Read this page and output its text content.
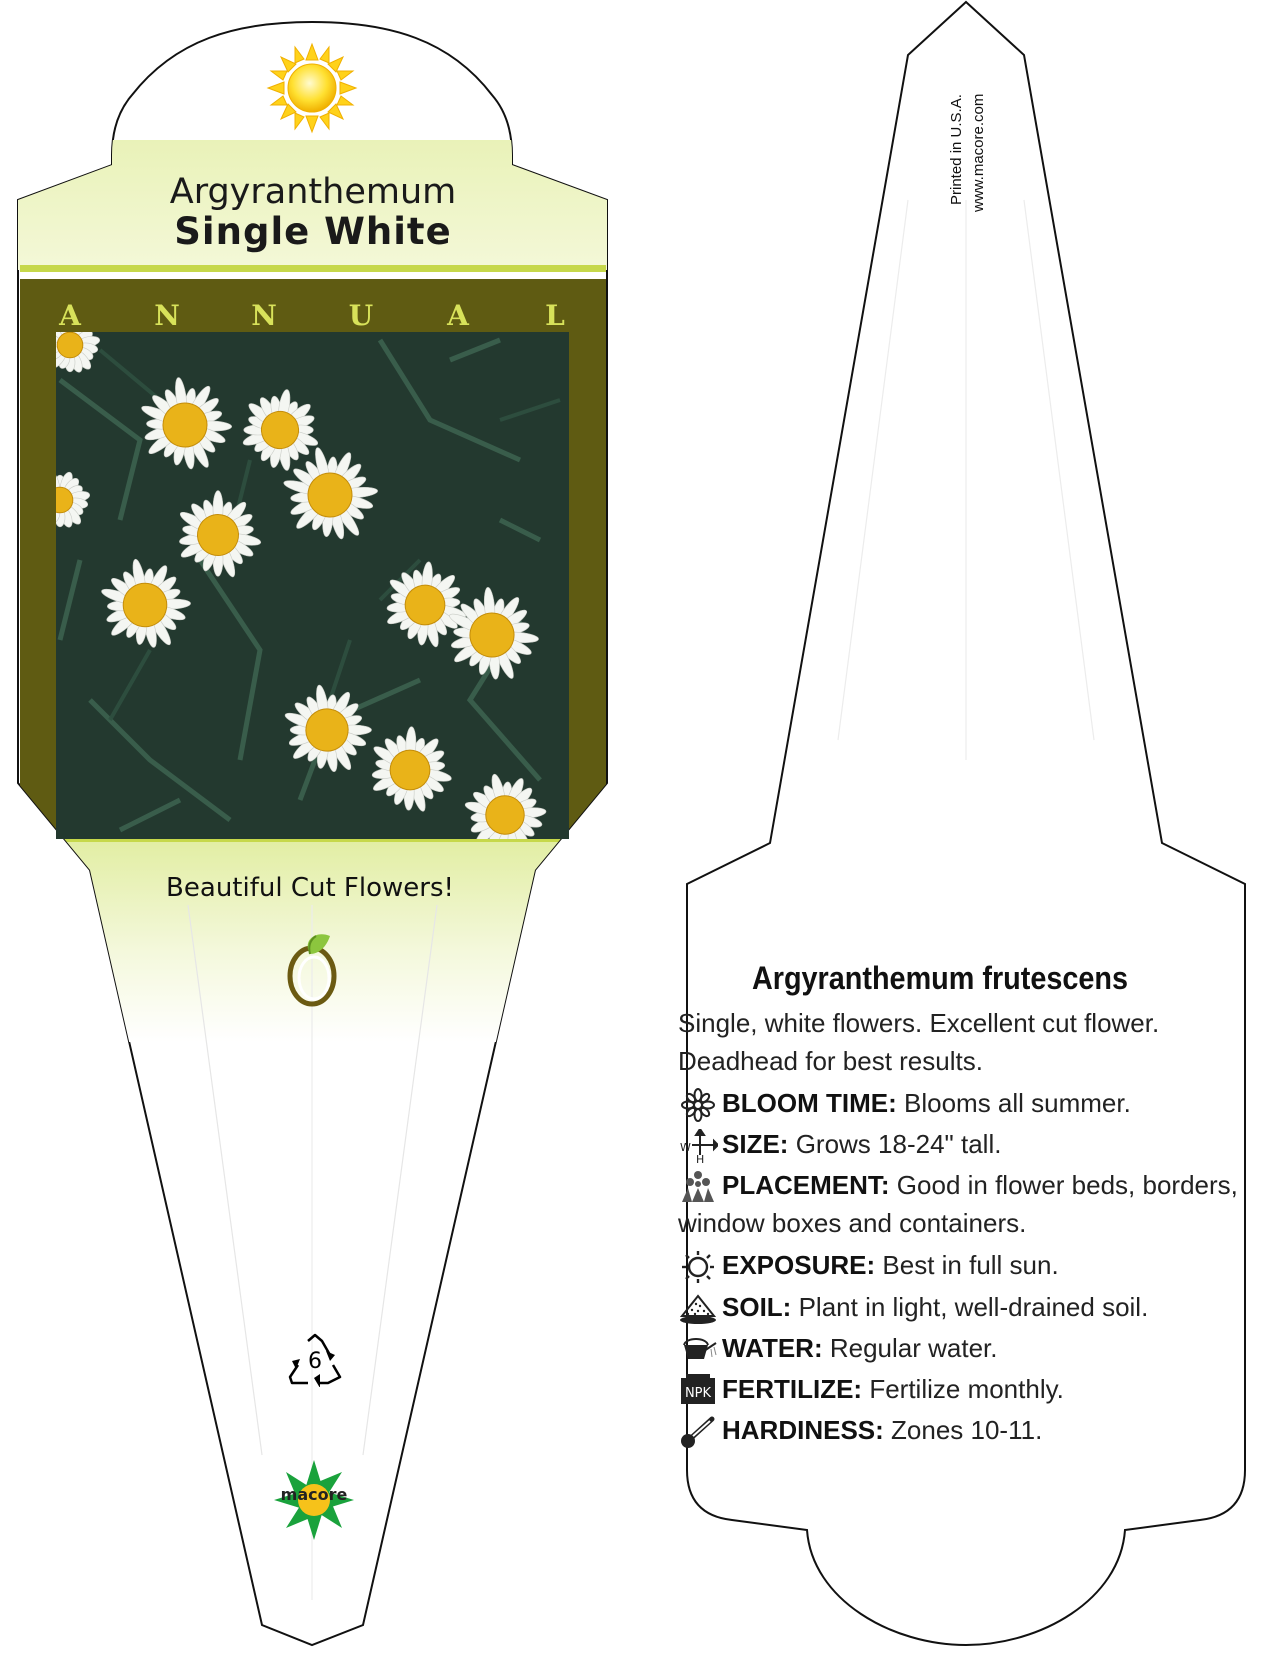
Argyranthemum
Single White
A	N	N	U	A	L
Beautiful Cut Flowers!
6
macore
Printed in U.S.A. www.macore.com
Argyranthemum frutescens
Single, white flowers. Excellent cut flower. Deadhead for best results.
BLOOM TIME: Blooms all summer.
W
H
SIZE: Grows 18-24" tall.
PLACEMENT: Good in flower beds, borders, window boxes and containers.
EXPOSURE: Best in full sun.
SOIL: Plant in light, well-drained soil.
WATER: Regular water.
NPK FERTILIZE: Fertilize monthly.
HARDINESS: Zones 10-11.
